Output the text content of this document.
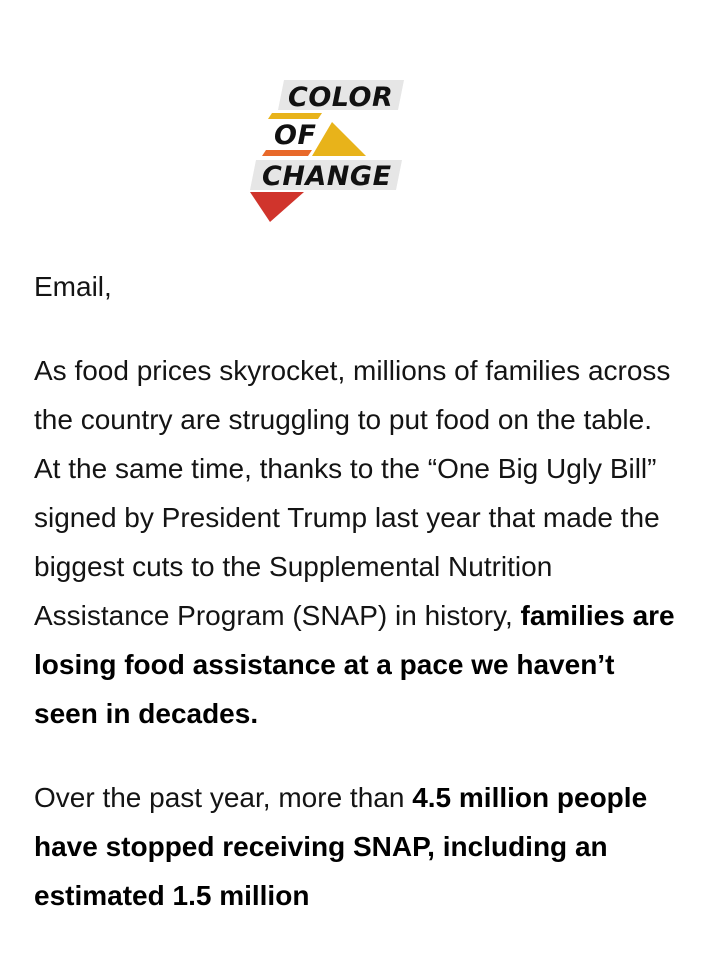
COLOR
OF
CHANGE

Email,

As food prices skyrocket, millions of families across the country are struggling to put food on the table. At the same time, thanks to the “One Big Ugly Bill” signed by President Trump last year that made the biggest cuts to the Supplemental Nutrition Assistance Program (SNAP) in history, families are losing food assistance at a pace we haven’t seen in decades.

Over the past year, more than 4.5 million people have stopped receiving SNAP, including an estimated 1.5 million
